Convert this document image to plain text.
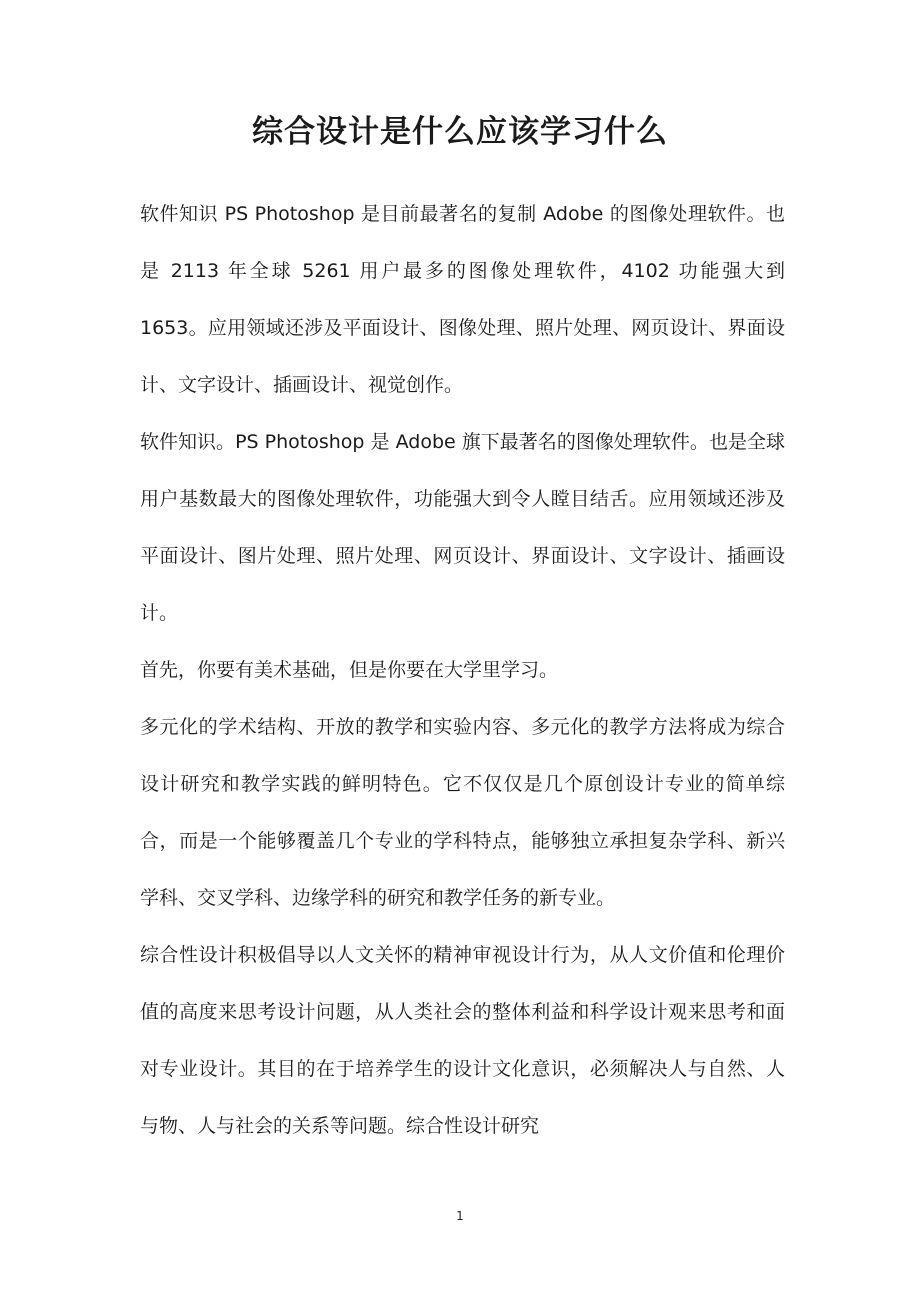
综合设计是什么应该学习什么

软件知识 PS Photoshop 是目前最著名的复制 Adobe 的图像处理软件。也是 2113 年全球 5261 用户最多的图像处理软件，4102 功能强大到 1653。应用领域还涉及平面设计、图像处理、照片处理、网页设计、界面设计、文字设计、插画设计、视觉创作。

软件知识。PS Photoshop 是 Adobe 旗下最著名的图像处理软件。也是全球用户基数最大的图像处理软件，功能强大到令人瞠目结舌。应用领域还涉及平面设计、图片处理、照片处理、网页设计、界面设计、文字设计、插画设计。

首先，你要有美术基础，但是你要在大学里学习。

多元化的学术结构、开放的教学和实验内容、多元化的教学方法将成为综合设计研究和教学实践的鲜明特色。它不仅仅是几个原创设计专业的简单综合，而是一个能够覆盖几个专业的学科特点，能够独立承担复杂学科、新兴学科、交叉学科、边缘学科的研究和教学任务的新专业。

综合性设计积极倡导以人文关怀的精神审视设计行为，从人文价值和伦理价值的高度来思考设计问题，从人类社会的整体利益和科学设计观来思考和面对专业设计。其目的在于培养学生的设计文化意识，必须解决人与自然、人与物、人与社会的关系等问题。综合性设计研究

1
